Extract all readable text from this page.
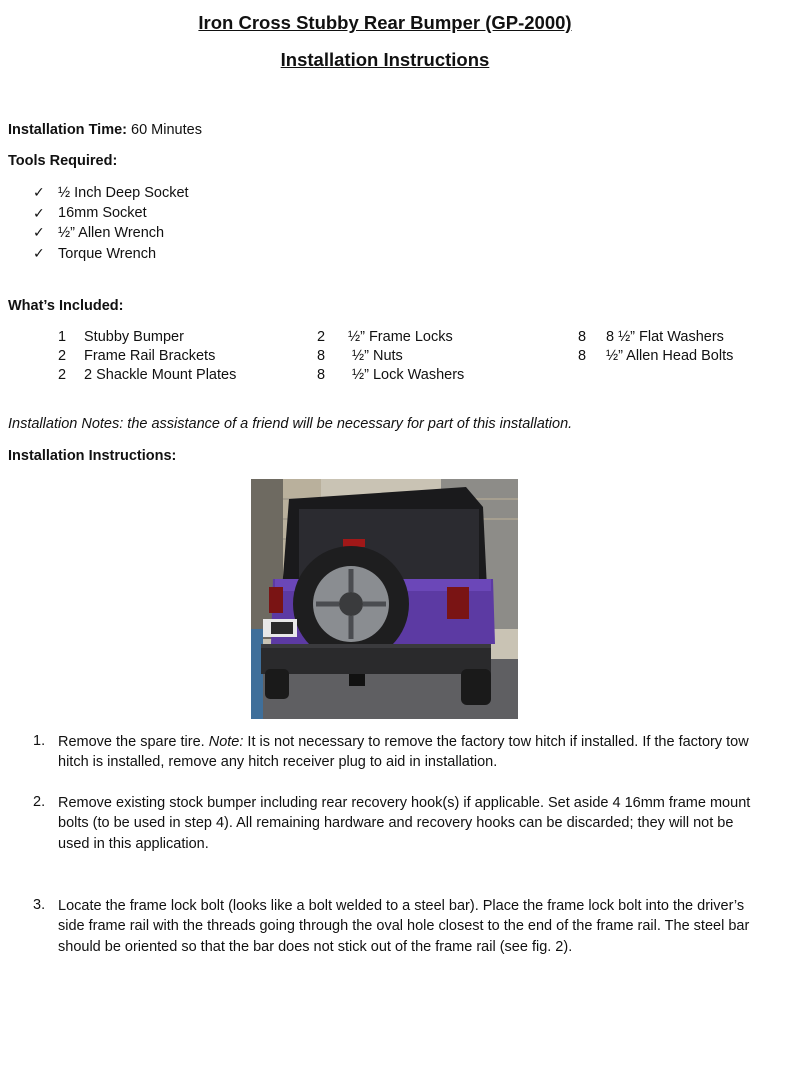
Iron Cross Stubby Rear Bumper (GP-2000)
Installation Instructions
Installation Time: 60 Minutes
Tools Required:
✓ ½ Inch Deep Socket
✓ 16mm Socket
✓ ½” Allen Wrench
✓ Torque Wrench
What’s Included:
1 Stubby Bumper	2 ½” Frame Locks	8 8 ½” Flat Washers
2 Frame Rail Brackets	8 ½” Nuts	8 ½” Allen Head Bolts
2 2 Shackle Mount Plates	8 ½” Lock Washers
Installation Notes: the assistance of a friend will be necessary for part of this installation.
Installation Instructions:
1. Remove the spare tire. Note: It is not necessary to remove the factory tow hitch if installed. If the factory tow hitch is installed, remove any hitch receiver plug to aid in installation.
2. Remove existing stock bumper including rear recovery hook(s) if applicable. Set aside 4 16mm frame mount bolts (to be used in step 4). All remaining hardware and recovery hooks can be discarded; they will not be used in this application.
3. Locate the frame lock bolt (looks like a bolt welded to a steel bar). Place the frame lock bolt into the driver’s side frame rail with the threads going through the oval hole closest to the end of the frame rail. The steel bar should be oriented so that the bar does not stick out of the frame rail (see fig. 2).
